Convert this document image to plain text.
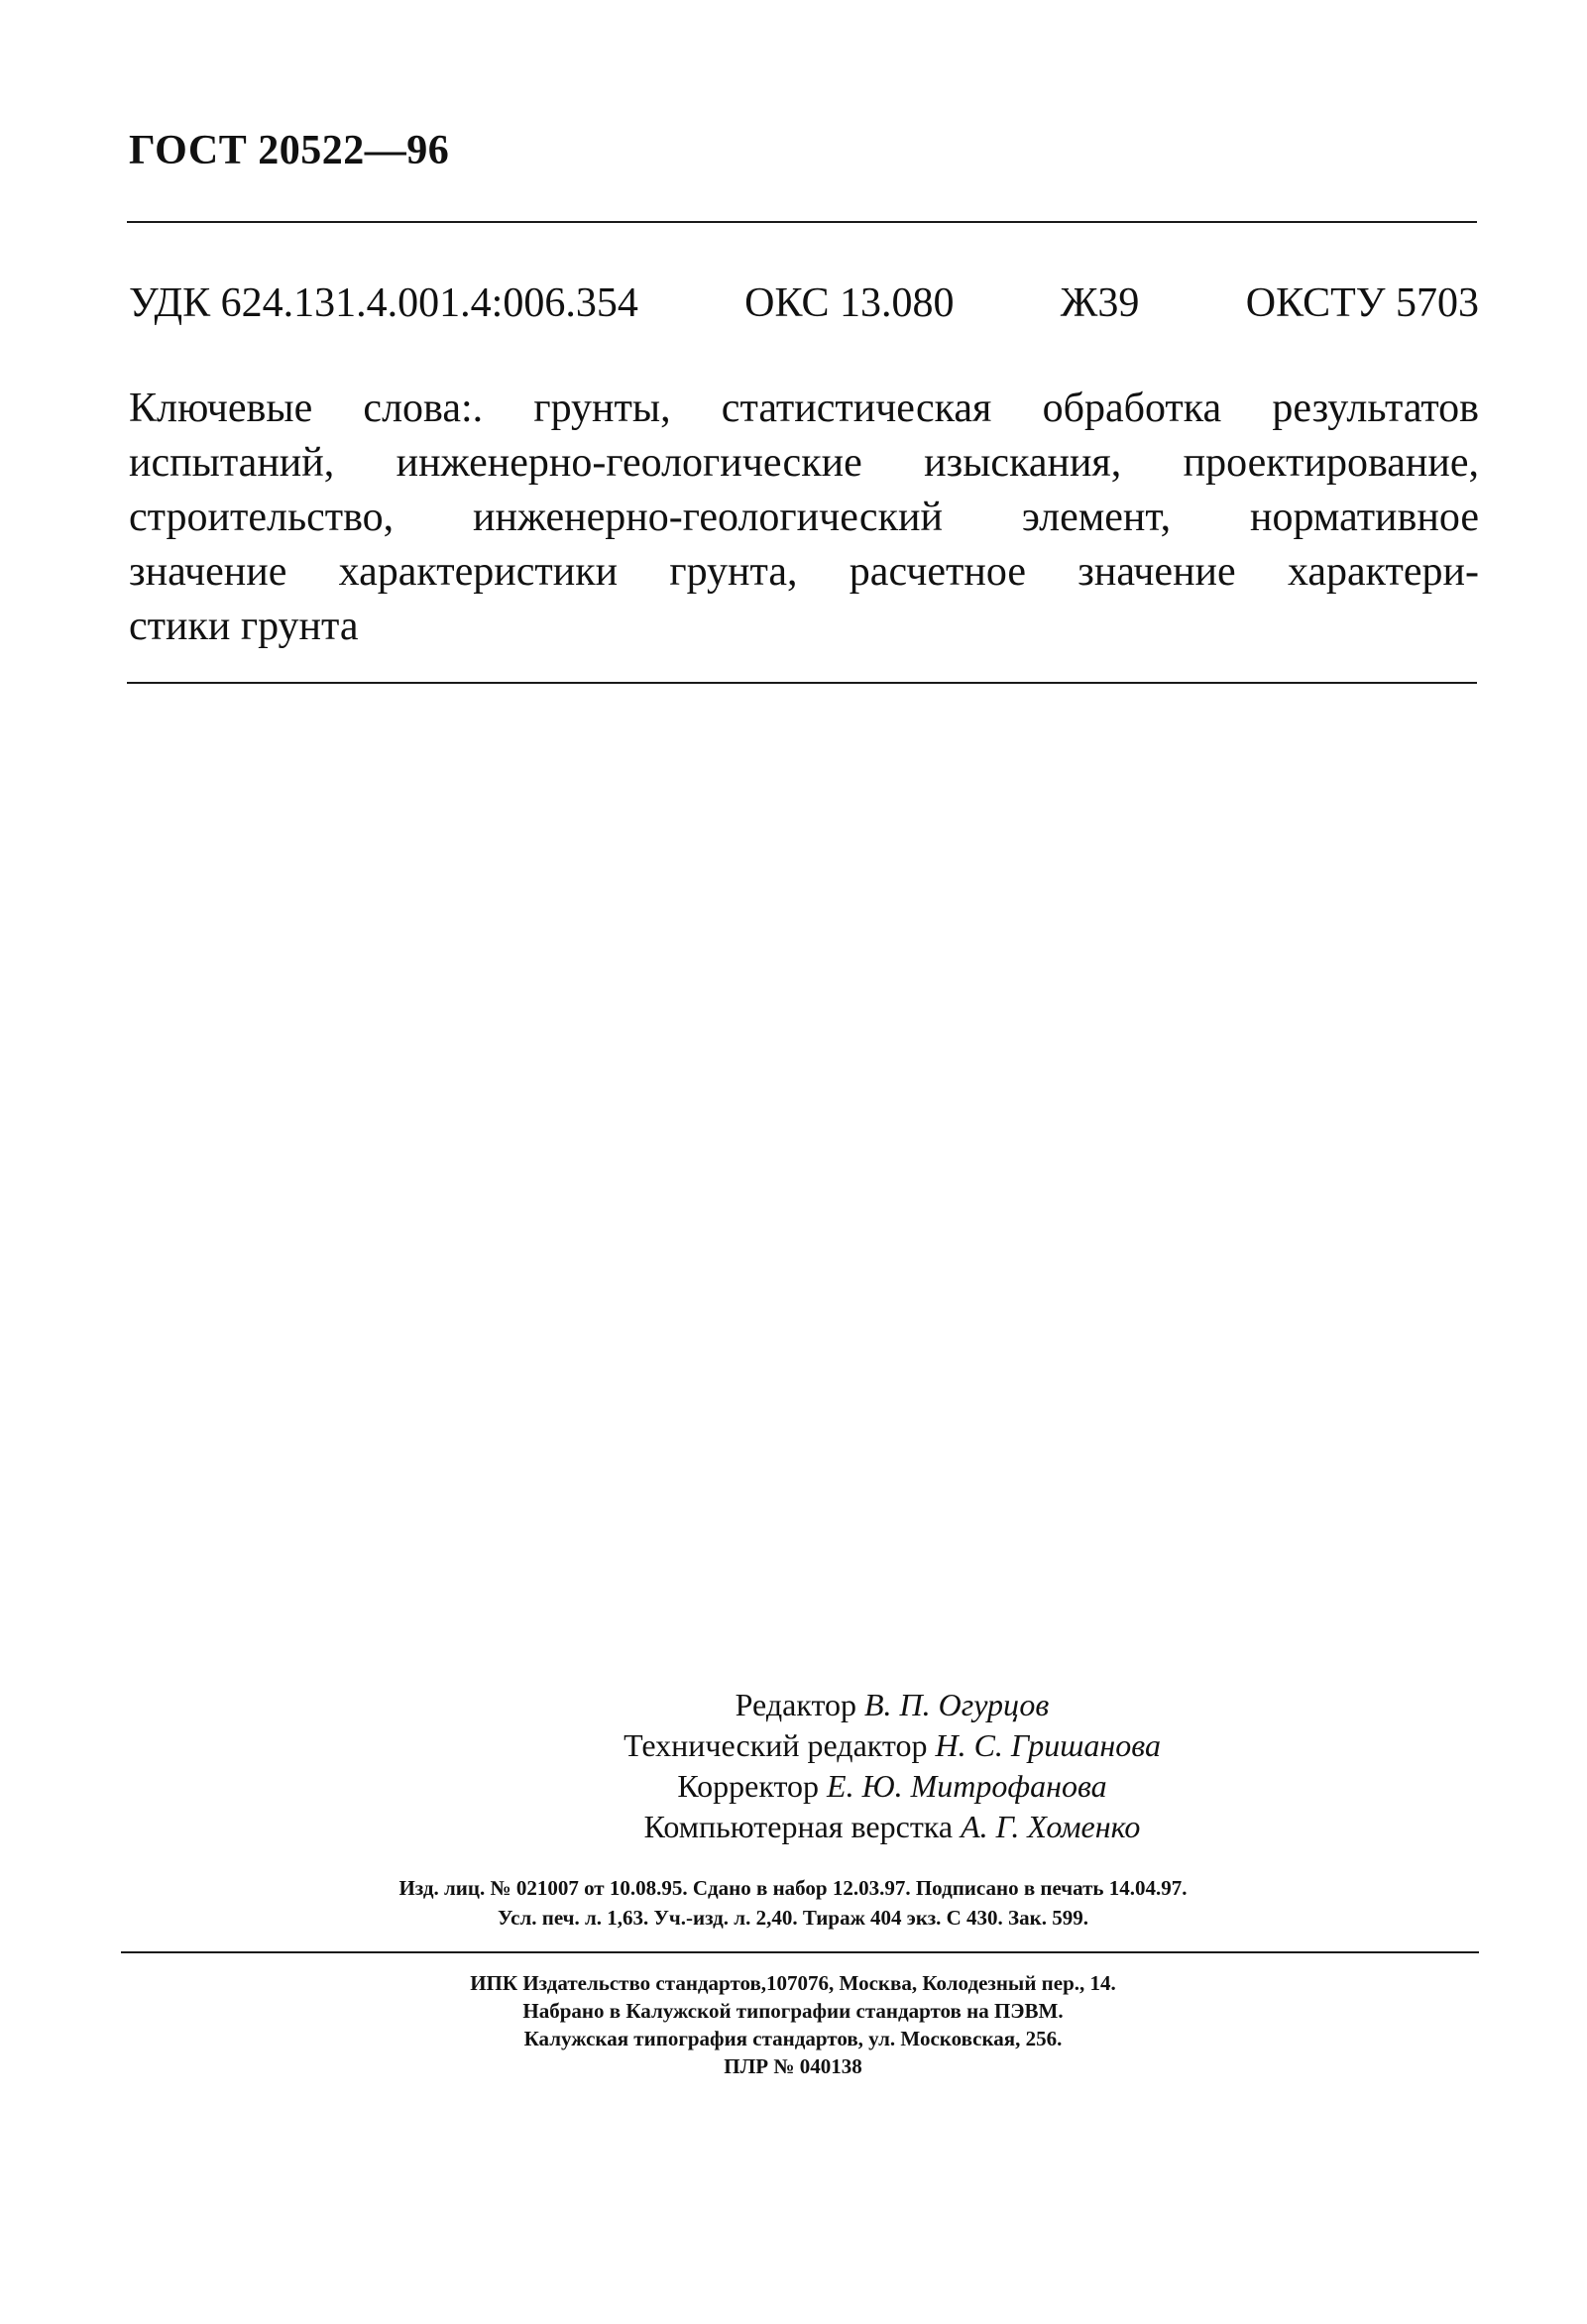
ГОСТ 20522—96
УДК 624.131.4.001.4:006.354	ОКС 13.080	Ж39	ОКСТУ 5703
Ключевые слова:. грунты, статистическая обработка результатов
испытаний, инженерно-геологические изыскания, проектирование,
строительство, инженерно-геологический элемент, нормативное
значение характеристики грунта, расчетное значение характери-
стики грунта
Редактор В. П. Огурцов
Технический редактор Н. С. Гришанова
Корректор Е. Ю. Митрофанова
Компьютерная верстка А. Г. Хоменко
Изд. лиц. № 021007 от 10.08.95. Сдано в набор 12.03.97. Подписано в печать 14.04.97.
Усл. печ. л. 1,63. Уч.-изд. л. 2,40. Тираж 404 экз. С 430. Зак. 599.
ИПК Издательство стандартов,107076, Москва, Колодезный пер., 14.
Набрано в Калужской типографии стандартов на ПЭВМ.
Калужская типография стандартов, ул. Московская, 256.
ПЛР № 040138
